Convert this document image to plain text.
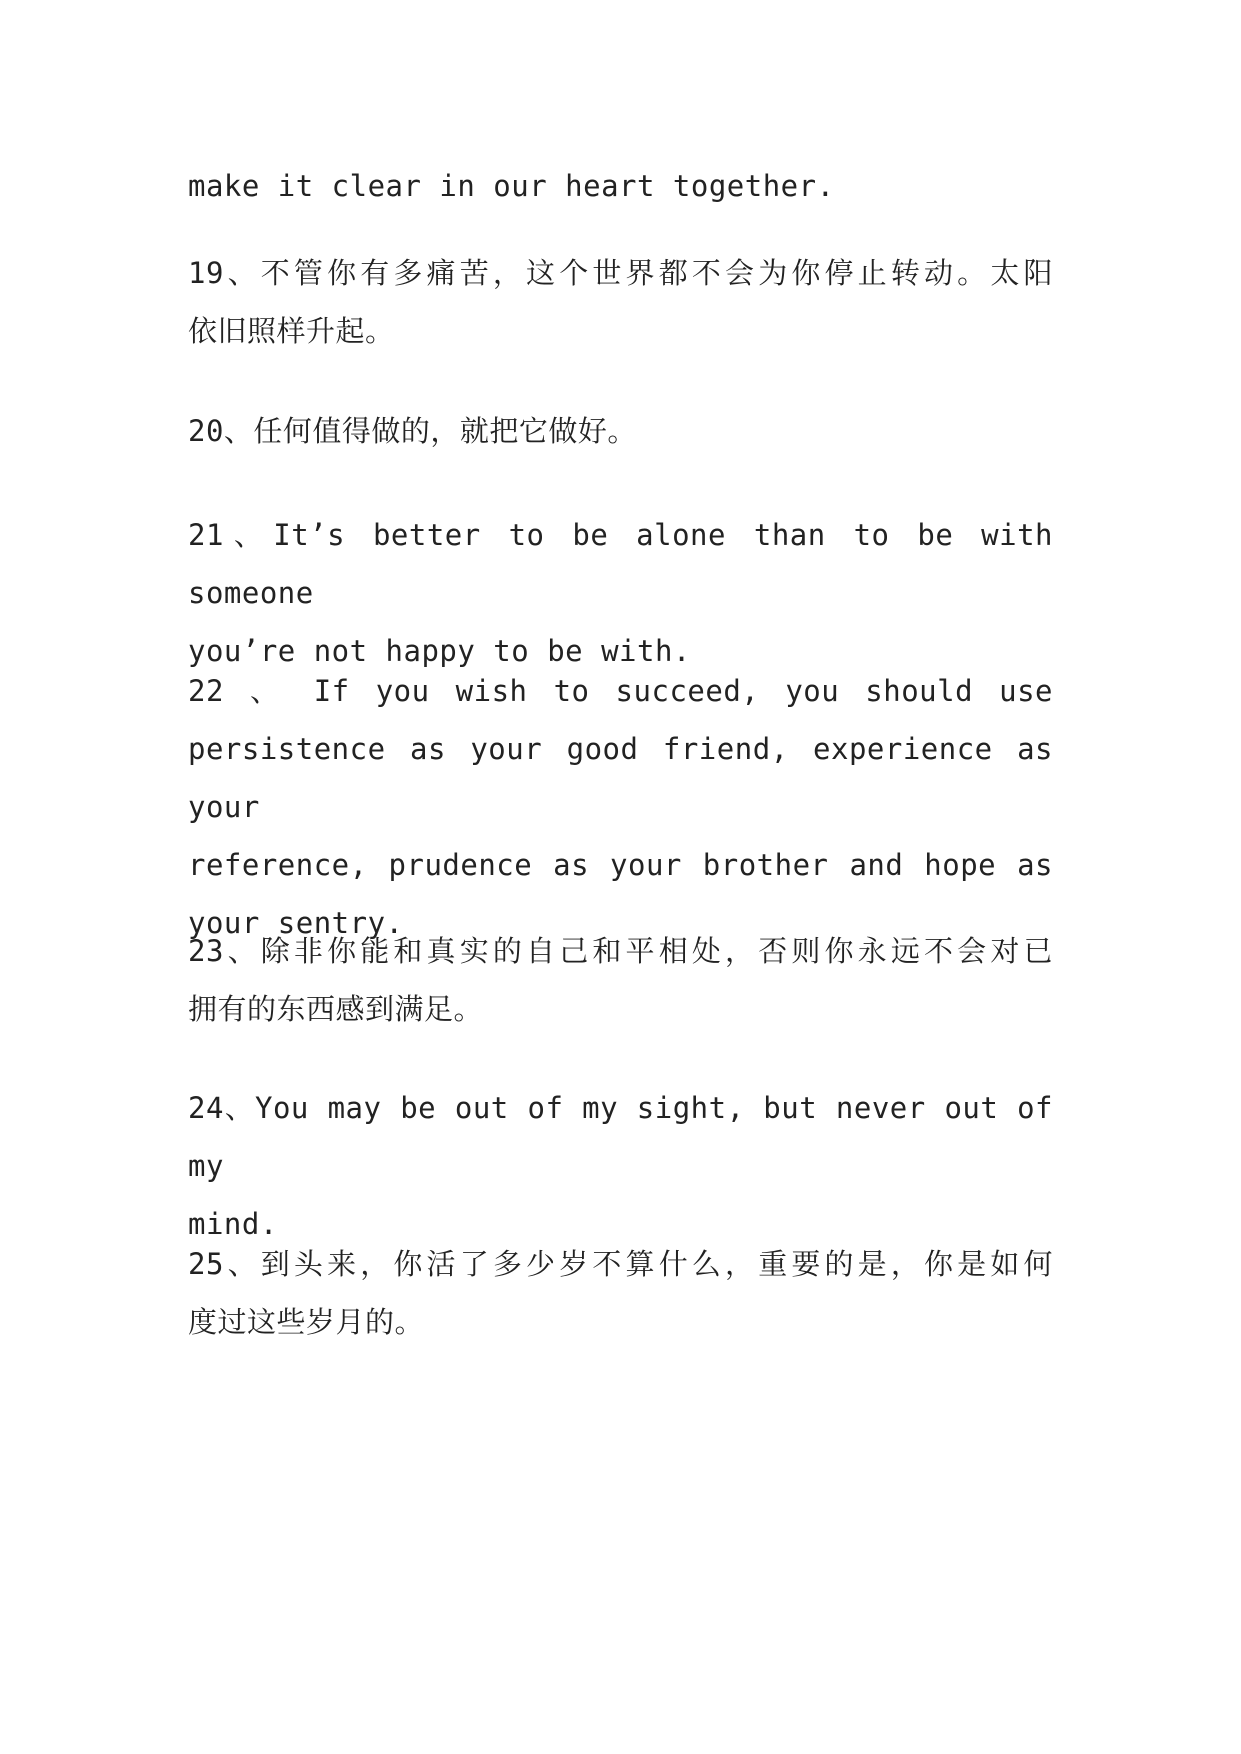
make it clear in our heart together.

19、不管你有多痛苦，这个世界都不会为你停止转动。太阳
依旧照样升起。

20、任何值得做的，就把它做好。

21、It’s better to be alone than to be with someone
you’re not happy to be with.

22 、 If you wish to succeed, you should use
persistence as your good friend, experience as your
reference, prudence as your brother and hope as
your sentry.

23、除非你能和真实的自己和平相处，否则你永远不会对已
拥有的东西感到满足。

24、You may be out of my sight, but never out of my
mind.

25、到头来，你活了多少岁不算什么，重要的是，你是如何
度过这些岁月的。
